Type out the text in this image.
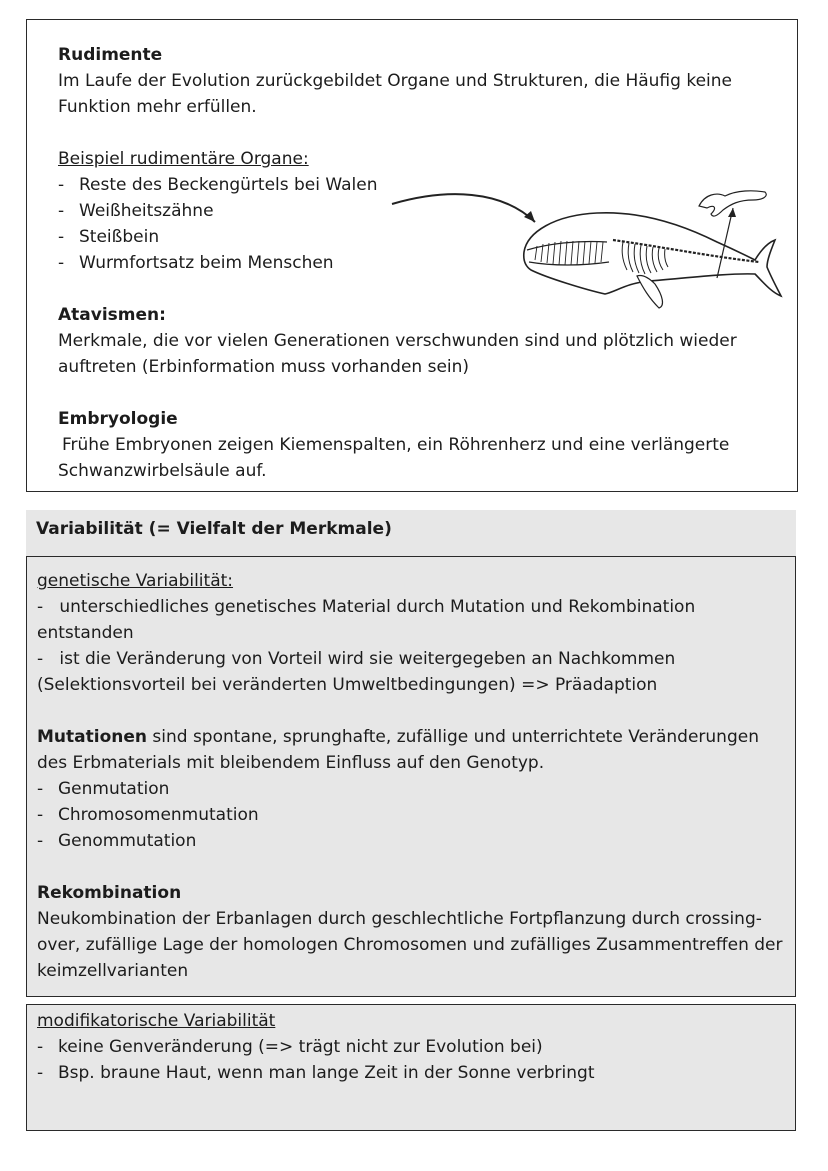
Rudimente
Im Laufe der Evolution zurückgebildet Organe und Strukturen, die Häufig keine Funktion mehr erfüllen.
Beispiel rudimentäre Organe:
- Reste des Beckengürtels bei Walen
- Weißheitszähne
- Steißbein
- Wurmfortsatz beim Menschen
Atavismen:
Merkmale, die vor vielen Generationen verschwunden sind und plötzlich wieder auftreten (Erbinformation muss vorhanden sein)
Embryologie
Frühe Embryonen zeigen Kiemenspalten, ein Röhrenherz und eine verlängerte Schwanzwirbelsäule auf.
Variabilität (= Vielfalt der Merkmale)
genetische Variabilität:
-   unterschiedliches genetisches Material durch Mutation und Rekombination entstanden
-   ist die Veränderung von Vorteil wird sie weitergegeben an Nachkommen (Selektionsvorteil bei veränderten Umweltbedingungen) => Präadaption
Mutationen sind spontane, sprunghafte, zufällige und unterrichtete Veränderungen des Erbmaterials mit bleibendem Einfluss auf den Genotyp.
- Genmutation
- Chromosomenmutation
- Genommutation
Rekombination
Neukombination der Erbanlagen durch geschlechtliche Fortpflanzung durch crossing-over, zufällige Lage der homologen Chromosomen und zufälliges Zusammentreffen der keimzellvarianten
modifikatorische Variabilität
- keine Genveränderung (=> trägt nicht zur Evolution bei)
- Bsp. braune Haut, wenn man lange Zeit in der Sonne verbringt
